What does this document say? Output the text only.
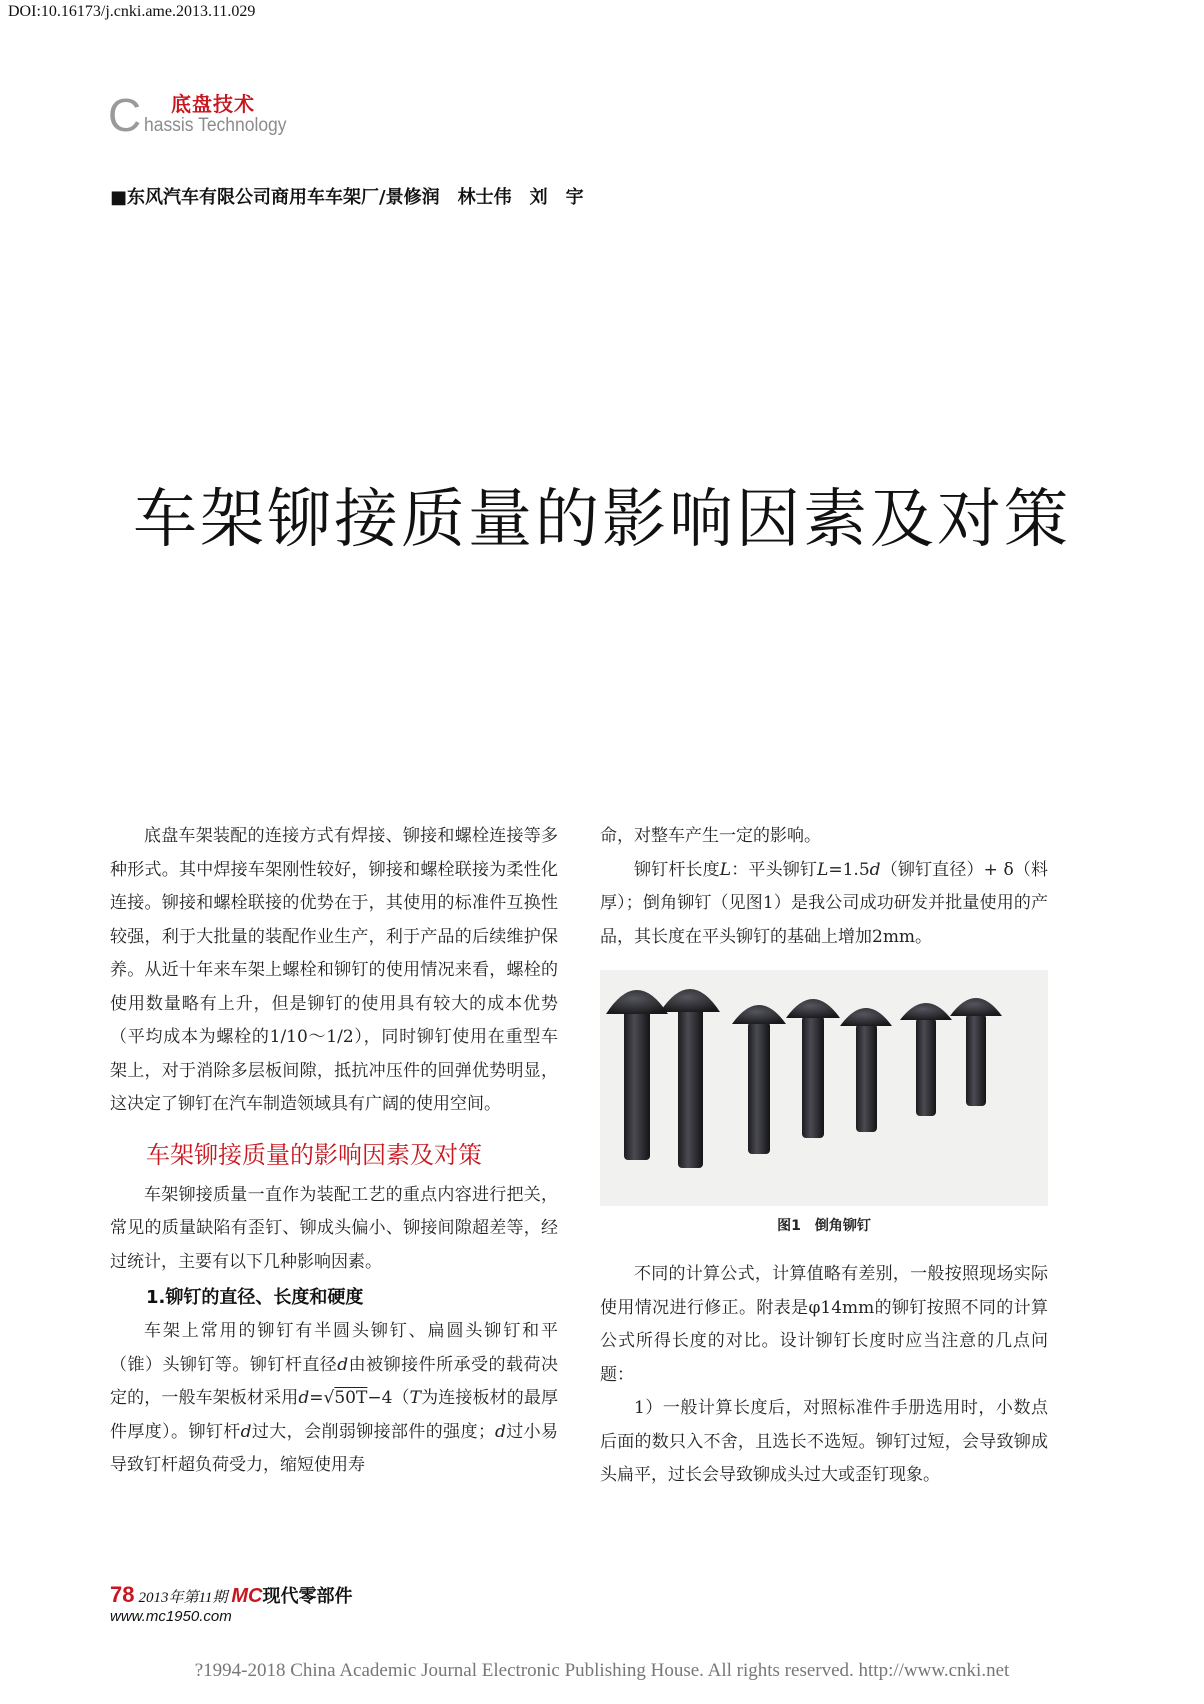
DOI:10.16173/j.cnki.ame.2013.11.029
C 底盘技术
hassis Technology
■东风汽车有限公司商用车车架厂/景修润　林士伟　刘　宇
车架铆接质量的影响因素及对策

底盘车架装配的连接方式有焊接、铆接和螺栓连接等多种形式。其中焊接车架刚性较好，铆接和螺栓联接为柔性化连接。铆接和螺栓联接的优势在于，其使用的标准件互换性较强，利于大批量的装配作业生产，利于产品的后续维护保养。从近十年来车架上螺栓和铆钉的使用情况来看，螺栓的使用数量略有上升，但是铆钉的使用具有较大的成本优势（平均成本为螺栓的1/10～1/2），同时铆钉使用在重型车架上，对于消除多层板间隙，抵抗冲压件的回弹优势明显，这决定了铆钉在汽车制造领域具有广阔的使用空间。

车架铆接质量的影响因素及对策

车架铆接质量一直作为装配工艺的重点内容进行把关，常见的质量缺陷有歪钉、铆成头偏小、铆接间隙超差等，经过统计，主要有以下几种影响因素。

1.铆钉的直径、长度和硬度

车架上常用的铆钉有半圆头铆钉、扁圆头铆钉和平（锥）头铆钉等。铆钉杆直径d由被铆接件所承受的载荷决定的，一般车架板材采用d=√50T−4（T为连接板材的最厚件厚度）。铆钉杆d过大，会削弱铆接部件的强度；d过小易导致钉杆超负荷受力，缩短使用寿

命，对整车产生一定的影响。

铆钉杆长度L：平头铆钉L=1.5d（铆钉直径）+ δ（料厚）；倒角铆钉（见图1）是我公司成功研发并批量使用的产品，其长度在平头铆钉的基础上增加2mm。

图1　倒角铆钉

不同的计算公式，计算值略有差别，一般按照现场实际使用情况进行修正。附表是φ14mm的铆钉按照不同的计算公式所得长度的对比。设计铆钉长度时应当注意的几点问题：

1）一般计算长度后，对照标准件手册选用时，小数点后面的数只入不舍，且选长不选短。铆钉过短，会导致铆成头扁平，过长会导致铆成头过大或歪钉现象。

78 2013年第11期 MC现代零部件
www.mc1950.com
?1994-2018 China Academic Journal Electronic Publishing House. All rights reserved. http://www.cnki.net
